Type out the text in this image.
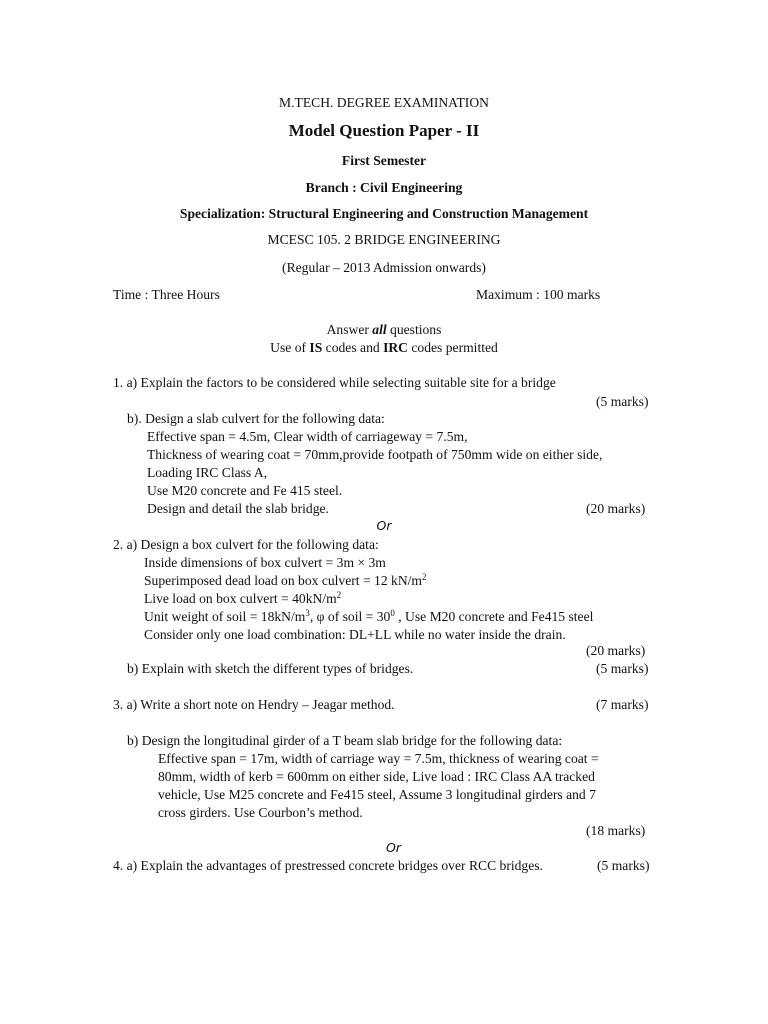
M.TECH. DEGREE EXAMINATION
Model Question Paper - II
First Semester
Branch : Civil Engineering
Specialization: Structural Engineering and Construction Management
MCESC 105. 2 BRIDGE ENGINEERING
(Regular – 2013 Admission onwards)
Time : Three Hours	Maximum : 100 marks
Answer all questions
Use of IS codes and IRC codes permitted
1. a) Explain the factors to be considered while selecting suitable site for a bridge
(5 marks)
b). Design a slab culvert for the following data:
Effective span = 4.5m, Clear width of carriageway = 7.5m,
Thickness of wearing coat = 70mm,provide footpath of 750mm wide on either side,
Loading IRC Class A,
Use M20 concrete and Fe 415 steel.
Design and detail the slab bridge.	(20 marks)
Or
2. a) Design a box culvert for the following data:
Inside dimensions of box culvert = 3m × 3m
Superimposed dead load on box culvert = 12 $kN/m^2$
Live load on box culvert = $40kN/m^2$
Unit weight of soil = $18kN/m^3$, φ of soil = $30^0$ , Use M20 concrete and Fe415 steel
Consider only one load combination: DL+LL while no water inside the drain.
(20 marks)
b) Explain with sketch the different types of bridges.	(5 marks)
3. a) Write a short note on Hendry – Jeagar method.	(7 marks)
b) Design the longitudinal girder of a T beam slab bridge for the following data:
Effective span = 17m, width of carriage way = 7.5m, thickness of wearing coat =
80mm, width of kerb = 600mm on either side, Live load : IRC Class AA tracked
vehicle, Use M25 concrete and Fe415 steel, Assume 3 longitudinal girders and 7
cross girders. Use Courbon’s method.
(18 marks)
Or
4. a) Explain the advantages of prestressed concrete bridges over RCC bridges.	(5 marks)
